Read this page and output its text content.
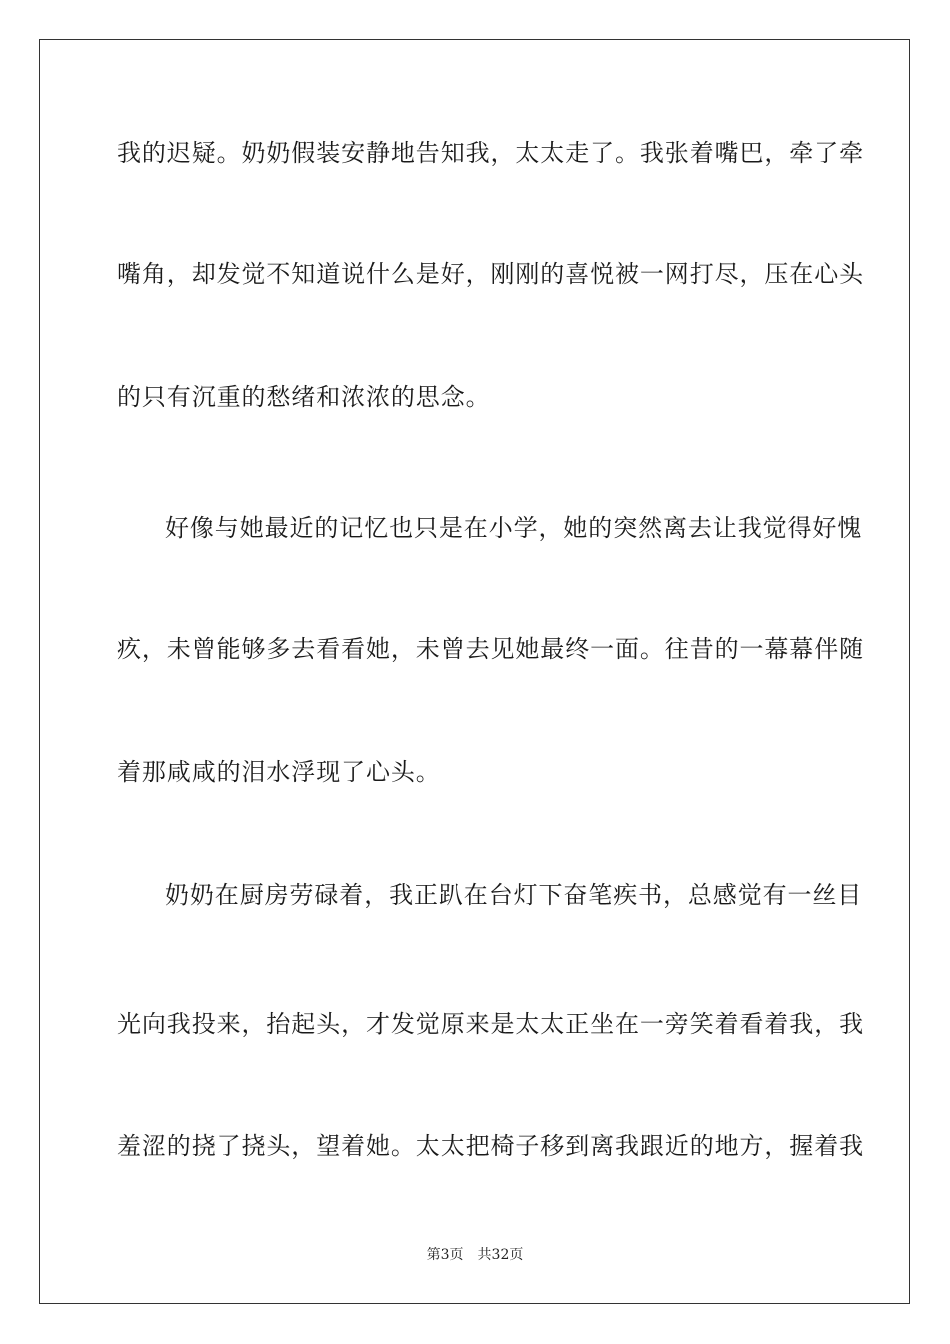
我的迟疑。奶奶假装安静地告知我，太太走了。我张着嘴巴，牵了牵
嘴角，却发觉不知道说什么是好，刚刚的喜悦被一网打尽，压在心头
的只有沉重的愁绪和浓浓的思念。
好像与她最近的记忆也只是在小学，她的突然离去让我觉得好愧
疚，未曾能够多去看看她，未曾去见她最终一面。往昔的一幕幕伴随
着那咸咸的泪水浮现了心头。
奶奶在厨房劳碌着，我正趴在台灯下奋笔疾书，总感觉有一丝目
光向我投来，抬起头，才发觉原来是太太正坐在一旁笑着看着我，我
羞涩的挠了挠头，望着她。太太把椅子移到离我跟近的地方，握着我
第3页 共32页
